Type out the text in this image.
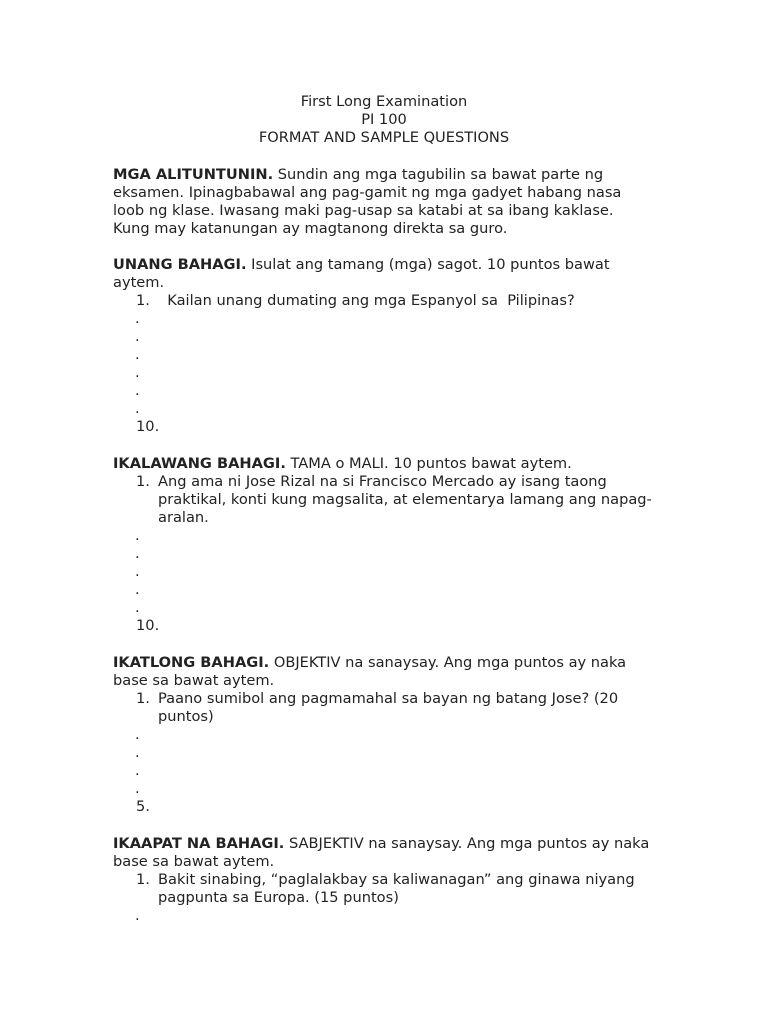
First Long Examination
PI 100
FORMAT AND SAMPLE QUESTIONS

MGA ALITUNTUNIN. Sundin ang mga tagubilin sa bawat parte ng eksamen. Ipinagbabawal ang pag-gamit ng mga gadyet habang nasa loob ng klase. Iwasang maki pag-usap sa katabi at sa ibang kaklase. Kung may katanungan ay magtanong direkta sa guro.

UNANG BAHAGI. Isulat ang tamang (mga) sagot. 10 puntos bawat aytem.

1. Kailan unang dumating ang mga Espanyol sa  Pilipinas?
.
.
.
.
.
.
10.

IKALAWANG BAHAGI. TAMA o MALI. 10 puntos bawat aytem.

1. Ang ama ni Jose Rizal na si Francisco Mercado ay isang taong praktikal, konti kung magsalita, at elementarya lamang ang napag-aralan.
.
.
.
.
.
10.

IKATLONG BAHAGI. OBJEKTIV na sanaysay. Ang mga puntos ay naka base sa bawat aytem.

1. Paano sumibol ang pagmamahal sa bayan ng batang Jose? (20 puntos)
.
.
.
.
5.

IKAAPAT NA BAHAGI. SABJEKTIV na sanaysay. Ang mga puntos ay naka base sa bawat aytem.

1. Bakit sinabing, “paglalakbay sa kaliwanagan” ang ginawa niyang pagpunta sa Europa. (15 puntos)
.
